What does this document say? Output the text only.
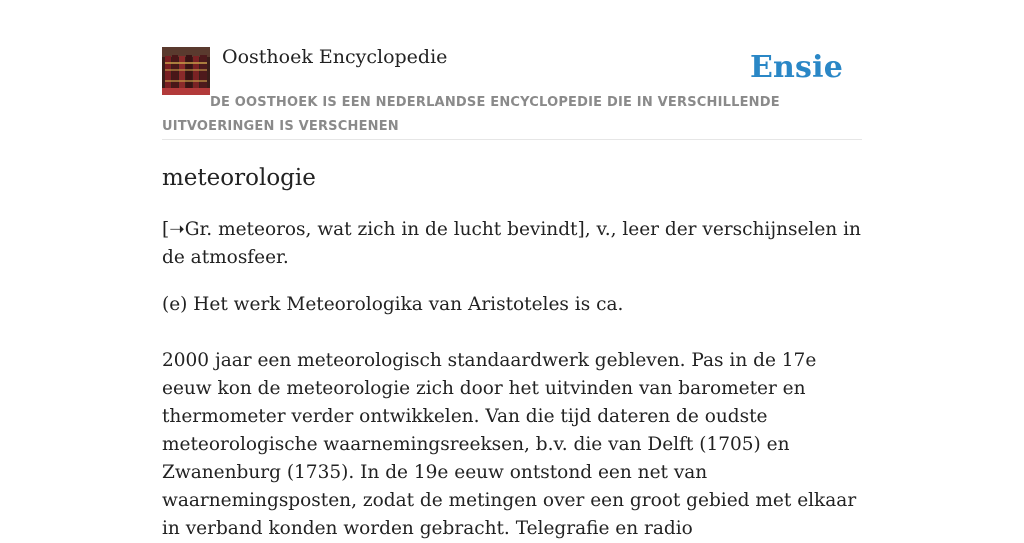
Oosthoek Encyclopedie	Ensie
DE OOSTHOEK IS EEN NEDERLANDSE ENCYCLOPEDIE DIE IN VERSCHILLENDE UITVOERINGEN IS VERSCHENEN
meteorologie

[➝Gr. meteoros, wat zich in de lucht bevindt], v., leer der verschijnselen in de atmosfeer.

(e) Het werk Meteorologika van Aristoteles is ca.

2000 jaar een meteorologisch standaardwerk gebleven. Pas in de 17e eeuw kon de meteorologie zich door het uitvinden van barometer en thermometer verder ontwikkelen. Van die tijd dateren de oudste meteorologische waarnemingsreeksen, b.v. die van Delft (1705) en Zwanenburg (1735). In de 19e eeuw ontstond een net van waarnemingsposten, zodat de metingen over een groot gebied met elkaar in verband konden worden gebracht. Telegrafie en radio
